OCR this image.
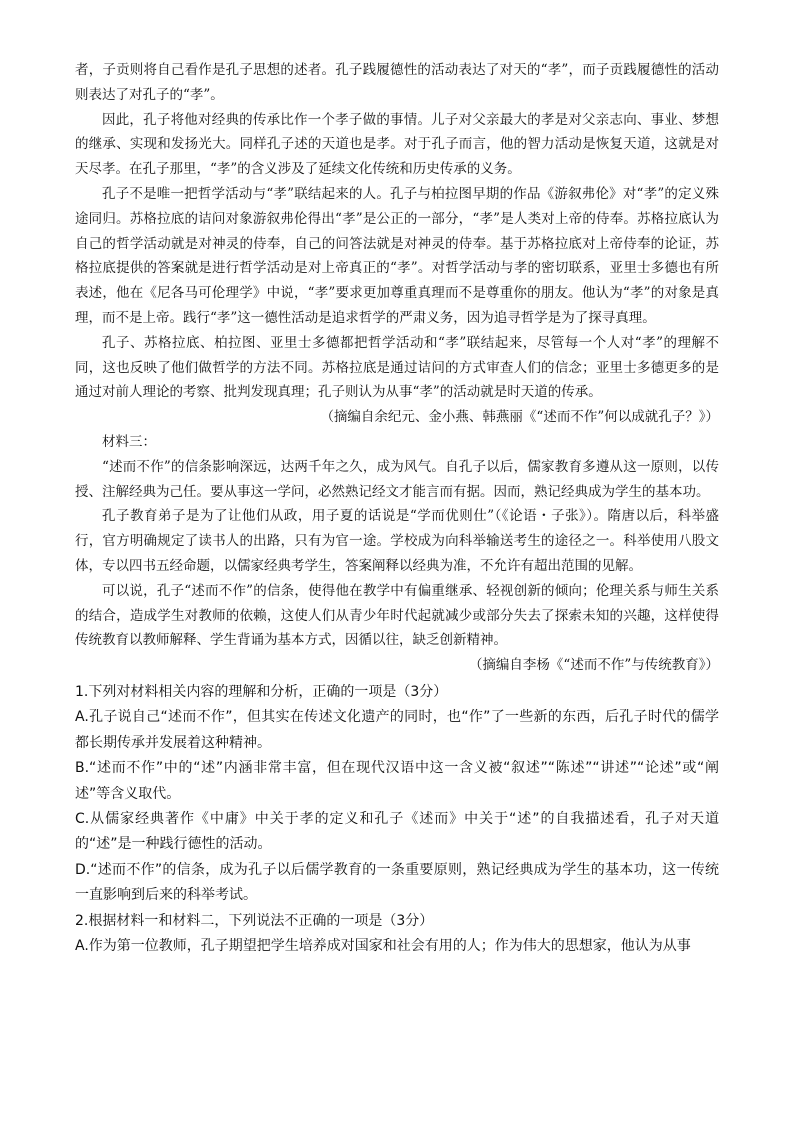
者，子贡则将自己看作是孔子思想的述者。孔子践履德性的活动表达了对天的“孝”，而子贡践履德性的活动则表达了对孔子的“孝”。

因此，孔子将他对经典的传承比作一个孝子做的事情。儿子对父亲最大的孝是对父亲志向、事业、梦想的继承、实现和发扬光大。同样孔子述的天道也是孝。对于孔子而言，他的智力活动是恢复天道，这就是对天尽孝。在孔子那里，“孝”的含义涉及了延续文化传统和历史传承的义务。

孔子不是唯一把哲学活动与“孝”联结起来的人。孔子与柏拉图早期的作品《游叙弗伦》对“孝”的定义殊途同归。苏格拉底的诘问对象游叙弗伦得出“孝”是公正的一部分，“孝”是人类对上帝的侍奉。苏格拉底认为自己的哲学活动就是对神灵的侍奉，自己的问答法就是对神灵的侍奉。基于苏格拉底对上帝侍奉的论证，苏格拉底提供的答案就是进行哲学活动是对上帝真正的“孝”。对哲学活动与孝的密切联系，亚里士多德也有所表述，他在《尼各马可伦理学》中说，“孝”要求更加尊重真理而不是尊重你的朋友。他认为“孝”的对象是真理，而不是上帝。践行“孝”这一德性活动是追求哲学的严肃义务，因为追寻哲学是为了探寻真理。

孔子、苏格拉底、柏拉图、亚里士多德都把哲学活动和“孝”联结起来，尽管每一个人对“孝”的理解不同，这也反映了他们做哲学的方法不同。苏格拉底是通过诘问的方式审查人们的信念；亚里士多德更多的是通过对前人理论的考察、批判发现真理；孔子则认为从事“孝”的活动就是时天道的传承。

（摘编自余纪元、金小燕、韩燕丽《“述而不作”何以成就孔子？》）

材料三：

“述而不作”的信条影响深远，达两千年之久，成为风气。自孔子以后，儒家教育多遵从这一原则，以传授、注解经典为己任。要从事这一学问，必然熟记经文才能言而有据。因而，熟记经典成为学生的基本功。

孔子教育弟子是为了让他们从政，用子夏的话说是“学而优则仕”（《论语・子张》）。隋唐以后，科举盛行，官方明确规定了读书人的出路，只有为官一途。学校成为向科举输送考生的途径之一。科举使用八股文体，专以四书五经命题，以儒家经典考学生，答案阐释以经典为准，不允许有超出范围的见解。

可以说，孔子“述而不作”的信条，使得他在教学中有偏重继承、轻视创新的倾向；伦理关系与师生关系的结合，造成学生对教师的依赖，这使人们从青少年时代起就减少或部分失去了探索未知的兴趣，这样使得传统教育以教师解释、学生背诵为基本方式，因循以往，缺乏创新精神。

（摘编自李杨《“述而不作”与传统教育》）

1.下列对材料相关内容的理解和分析，正确的一项是（3分）

A.孔子说自己“述而不作”，但其实在传述文化遗产的同时，也“作”了一些新的东西，后孔子时代的儒学都长期传承并发展着这种精神。

B.“述而不作”中的“述”内涵非常丰富，但在现代汉语中这一含义被“叙述”“陈述”“讲述”“论述”或“阐述”等含义取代。

C.从儒家经典著作《中庸》中关于孝的定义和孔子《述而》中关于“述”的自我描述看，孔子对天道的“述”是一种践行德性的活动。

D.“述而不作”的信条，成为孔子以后儒学教育的一条重要原则，熟记经典成为学生的基本功，这一传统一直影响到后来的科举考试。

2.根据材料一和材料二，下列说法不正确的一项是（3分）

A.作为第一位教师，孔子期望把学生培养成对国家和社会有用的人；作为伟大的思想家，他认为从事
